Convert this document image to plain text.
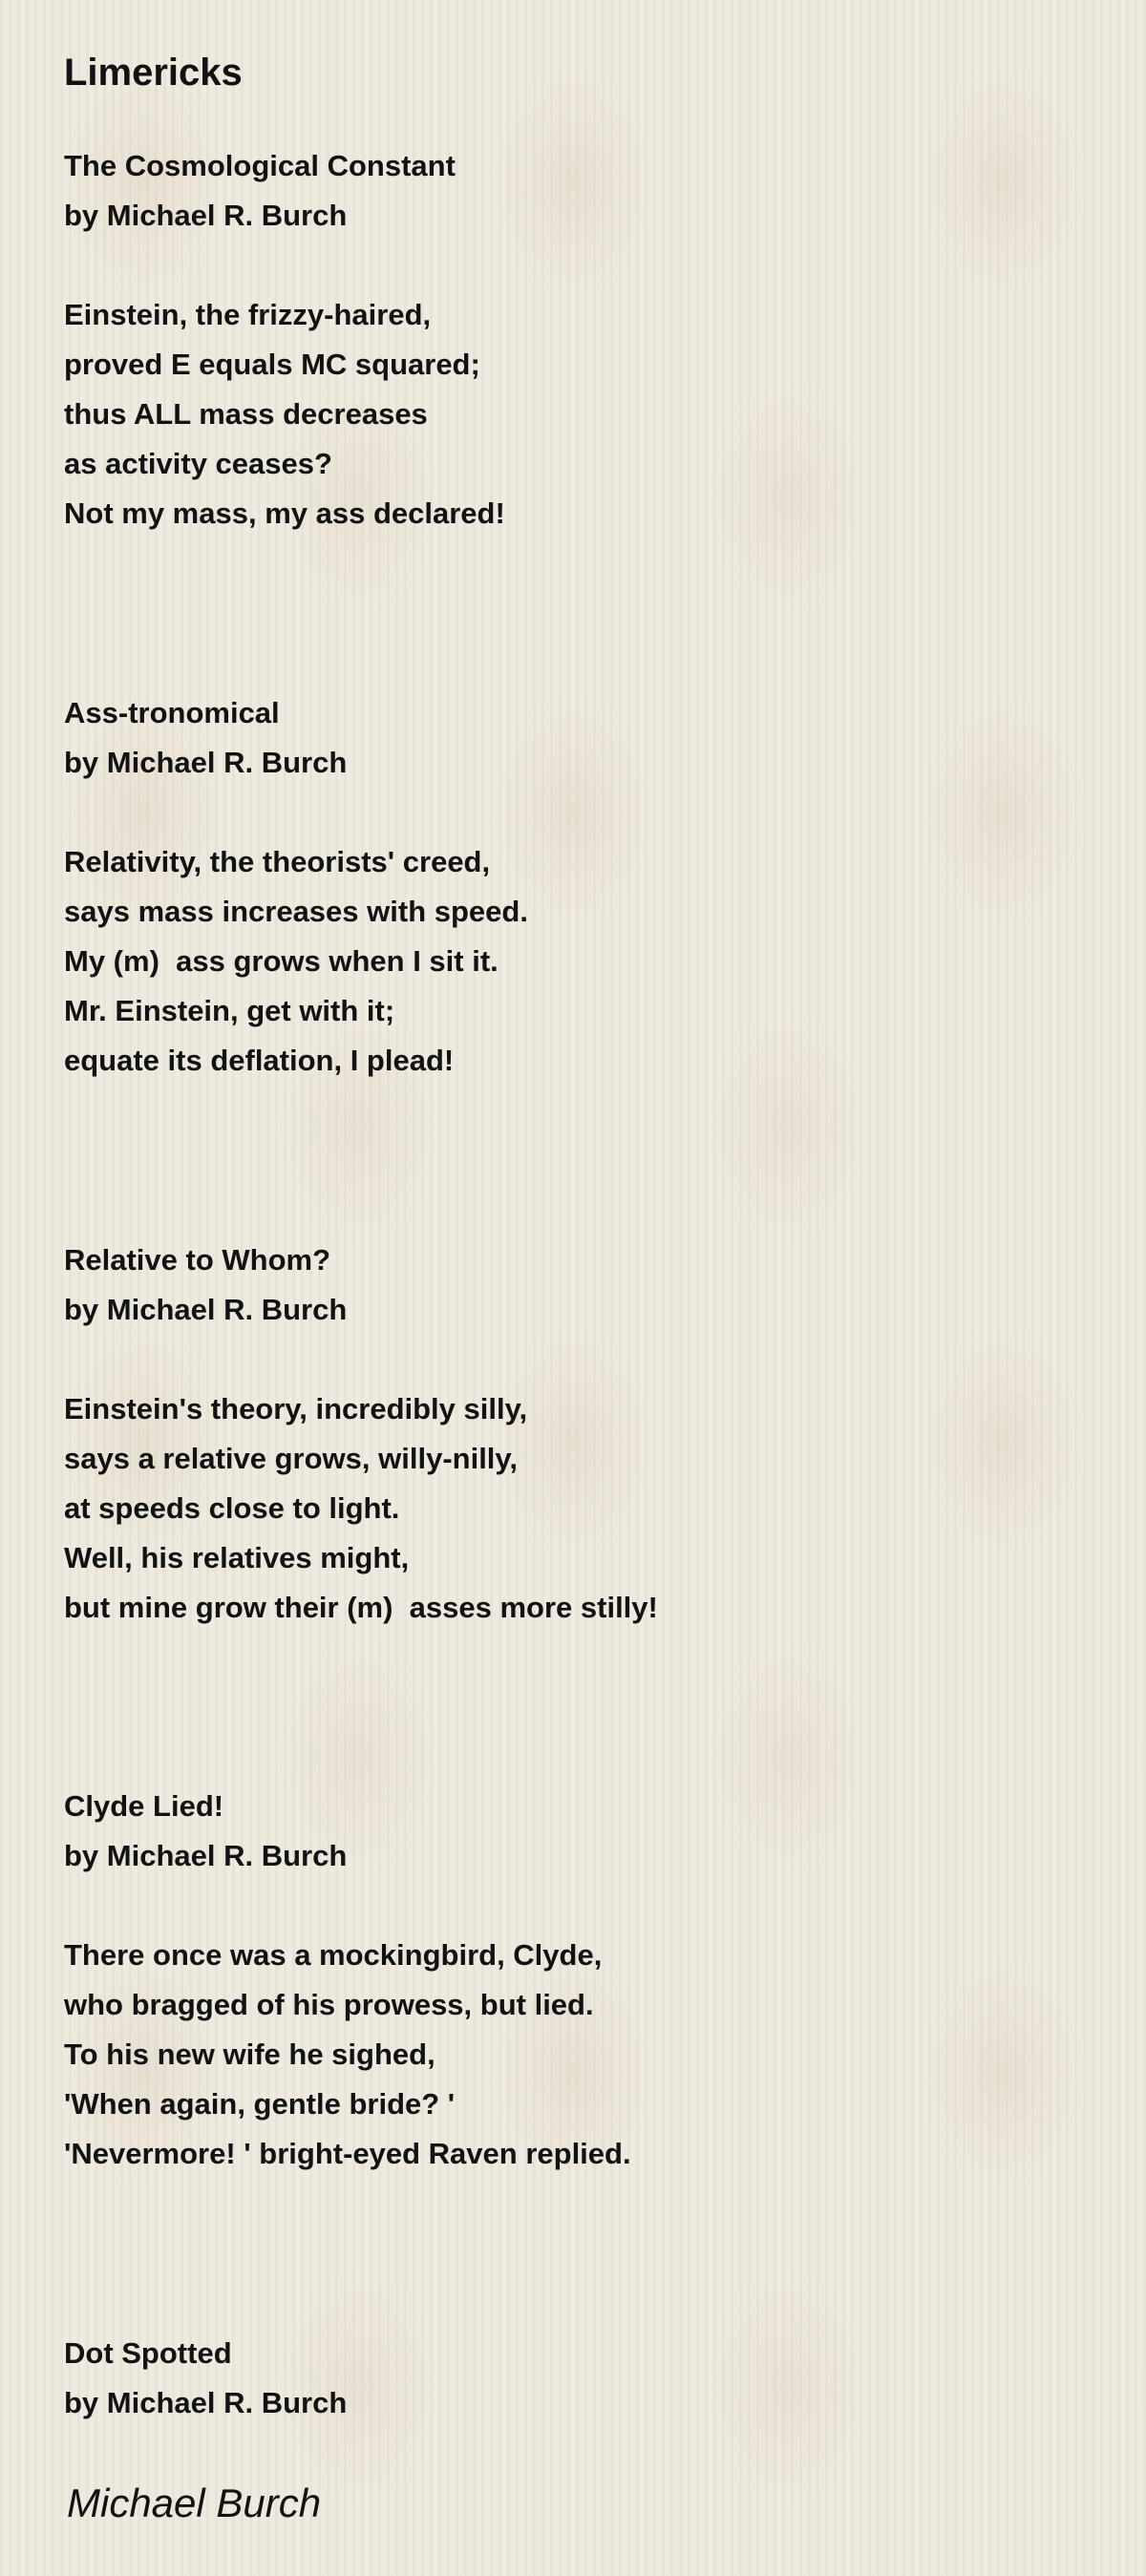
Limericks
The Cosmological Constant
by Michael R. Burch
Einstein, the frizzy-haired,
proved E equals MC squared;
thus ALL mass decreases
as activity ceases?
Not my mass, my ass declared!
Ass-tronomical
by Michael R. Burch
Relativity, the theorists' creed,
says mass increases with speed.
My (m)  ass grows when I sit it.
Mr. Einstein, get with it;
equate its deflation, I plead!
Relative to Whom?
by Michael R. Burch
Einstein's theory, incredibly silly,
says a relative grows, willy-nilly,
at speeds close to light.
Well, his relatives might,
but mine grow their (m)  asses more stilly!
Clyde Lied!
by Michael R. Burch
There once was a mockingbird, Clyde,
who bragged of his prowess, but lied.
To his new wife he sighed,
'When again, gentle bride? '
'Nevermore! ' bright-eyed Raven replied.
Dot Spotted
by Michael R. Burch
Michael Burch
